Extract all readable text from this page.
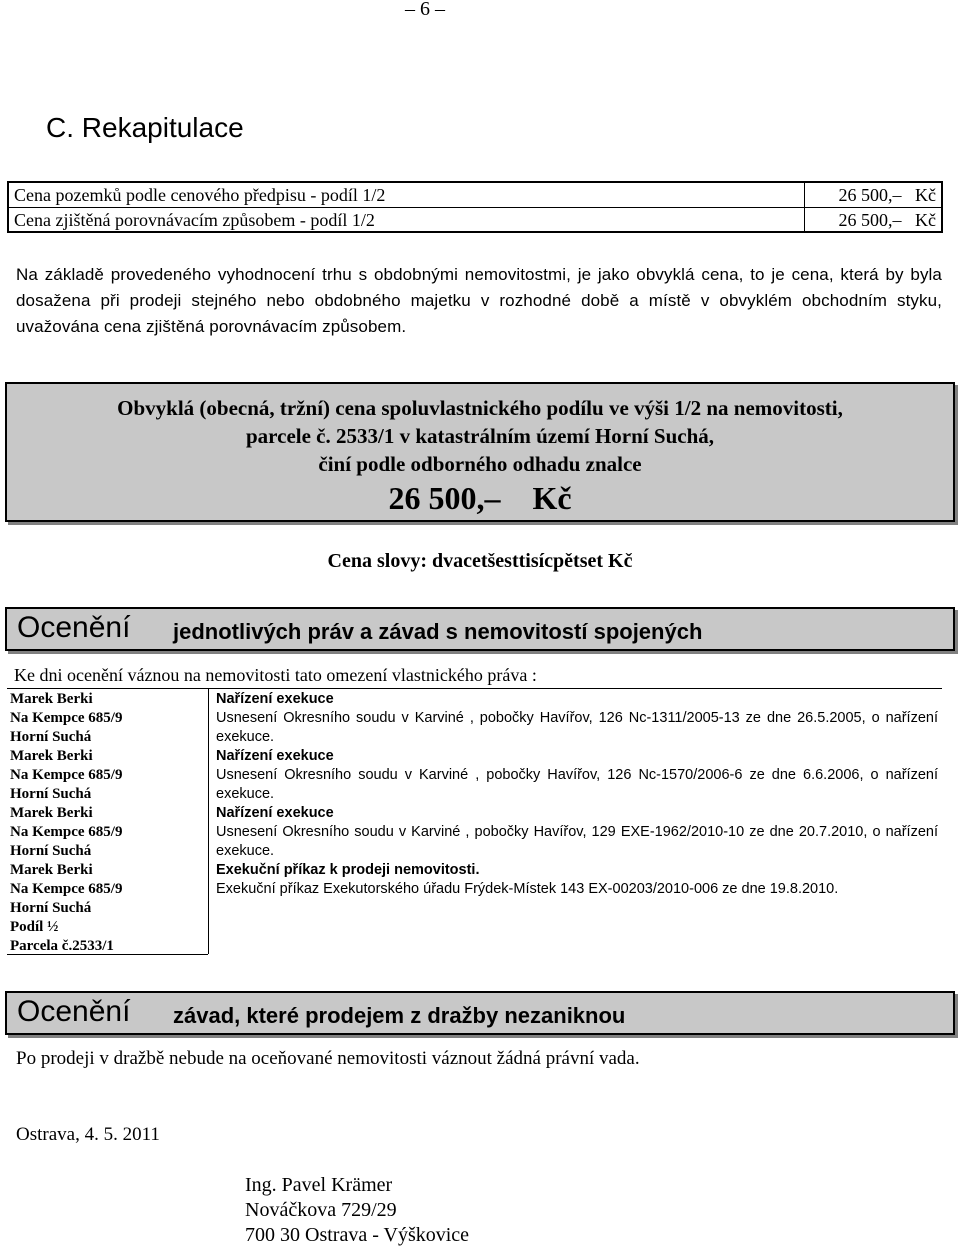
– 6 –
C. Rekapitulace
Cena pozemků podle cenového předpisu - podíl 1/2	26 500,– Kč
Cena zjištěná porovnávacím způsobem - podíl 1/2	26 500,– Kč
Na základě provedeného vyhodnocení trhu s obdobnými nemovitostmi, je jako obvyklá cena, to je cena, která by byla dosažena při prodeji stejného nebo obdobného majetku v rozhodné době a místě v obvyklém obchodním styku, uvažována cena zjištěná porovnávacím způsobem.
Obvyklá (obecná, tržní) cena spoluvlastnického podílu ve výši 1/2 na nemovitosti,
parcele č. 2533/1 v katastrálním území Horní Suchá,
činí podle odborného odhadu znalce
26 500,– Kč
Cena slovy: dvacetšesttisícpětset Kč
Ocenění jednotlivých práv a závad s nemovitostí spojených
Ke dni ocenění váznou na nemovitosti tato omezení vlastnického práva :
Marek Berki
Na Kempce 685/9
Horní Suchá
Nařízení exekuce
Usnesení Okresního soudu v Karviné , pobočky Havířov, 126 Nc-1311/2005-13 ze dne 26.5.2005, o nařízení exekuce.
Marek Berki
Na Kempce 685/9
Horní Suchá
Nařízení exekuce
Usnesení Okresního soudu v Karviné , pobočky Havířov, 126 Nc-1570/2006-6 ze dne 6.6.2006, o nařízení exekuce.
Marek Berki
Na Kempce 685/9
Horní Suchá
Nařízení exekuce
Usnesení Okresního soudu v Karviné , pobočky Havířov, 129 EXE-1962/2010-10 ze dne 20.7.2010, o nařízení exekuce.
Marek Berki
Na Kempce 685/9
Horní Suchá
Podíl ½
Parcela č.2533/1
Exekuční příkaz k prodeji nemovitosti.
Exekuční příkaz Exekutorského úřadu Frýdek-Místek 143 EX-00203/2010-006 ze dne 19.8.2010.
Ocenění závad, které prodejem z dražby nezaniknou
Po prodeji v dražbě nebude na oceňované nemovitosti váznout žádná právní vada.
Ostrava, 4. 5. 2011
Ing. Pavel Krämer
Nováčkova 729/29
700 30 Ostrava - Výškovice
